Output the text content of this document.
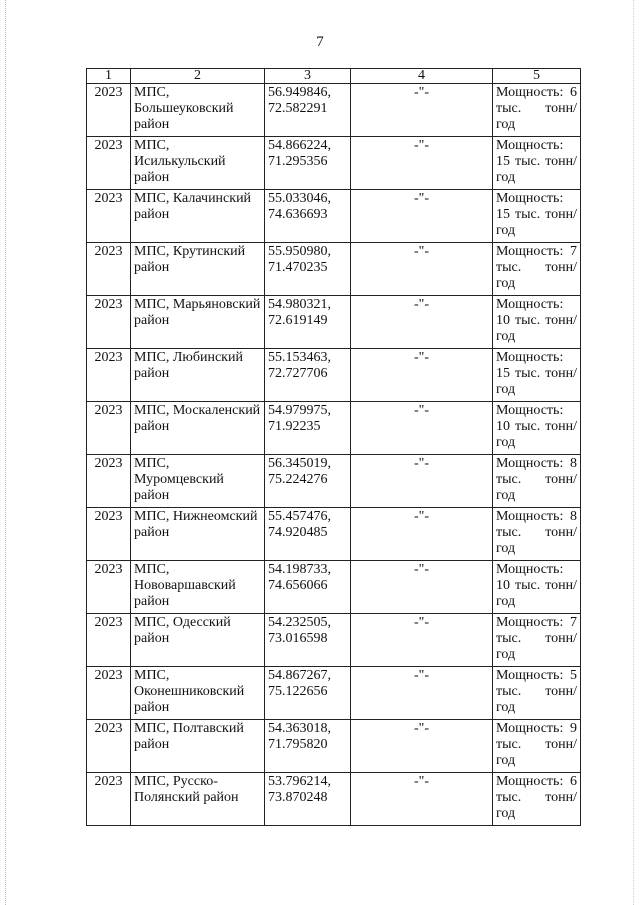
7
1	2	3	4	5
2023	МПС, Большеуковский район	56.949846, 72.582291	-"-	Мощность: 6 тыс. тонн/ год
2023	МПС, Исилькульский район	54.866224, 71.295356	-"-	Мощность: 15 тыс. тонн/ год
2023	МПС, Калачинский район	55.033046, 74.636693	-"-	Мощность: 15 тыс. тонн/ год
2023	МПС, Крутинский район	55.950980, 71.470235	-"-	Мощность: 7 тыс. тонн/ год
2023	МПС, Марьяновский район	54.980321, 72.619149	-"-	Мощность: 10 тыс. тонн/ год
2023	МПС, Любинский район	55.153463, 72.727706	-"-	Мощность: 15 тыс. тонн/ год
2023	МПС, Москаленский район	54.979975, 71.92235	-"-	Мощность: 10 тыс. тонн/ год
2023	МПС, Муромцевский район	56.345019, 75.224276	-"-	Мощность: 8 тыс. тонн/ год
2023	МПС, Нижнеомский район	55.457476, 74.920485	-"-	Мощность: 8 тыс. тонн/ год
2023	МПС, Нововаршавский район	54.198733, 74.656066	-"-	Мощность: 10 тыс. тонн/ год
2023	МПС, Одесский район	54.232505, 73.016598	-"-	Мощность: 7 тыс. тонн/ год
2023	МПС, Оконешниковский район	54.867267, 75.122656	-"-	Мощность: 5 тыс. тонн/ год
2023	МПС, Полтавский район	54.363018, 71.795820	-"-	Мощность: 9 тыс. тонн/ год
2023	МПС, Русско-Полянский район	53.796214, 73.870248	-"-	Мощность: 6 тыс. тонн/ год
